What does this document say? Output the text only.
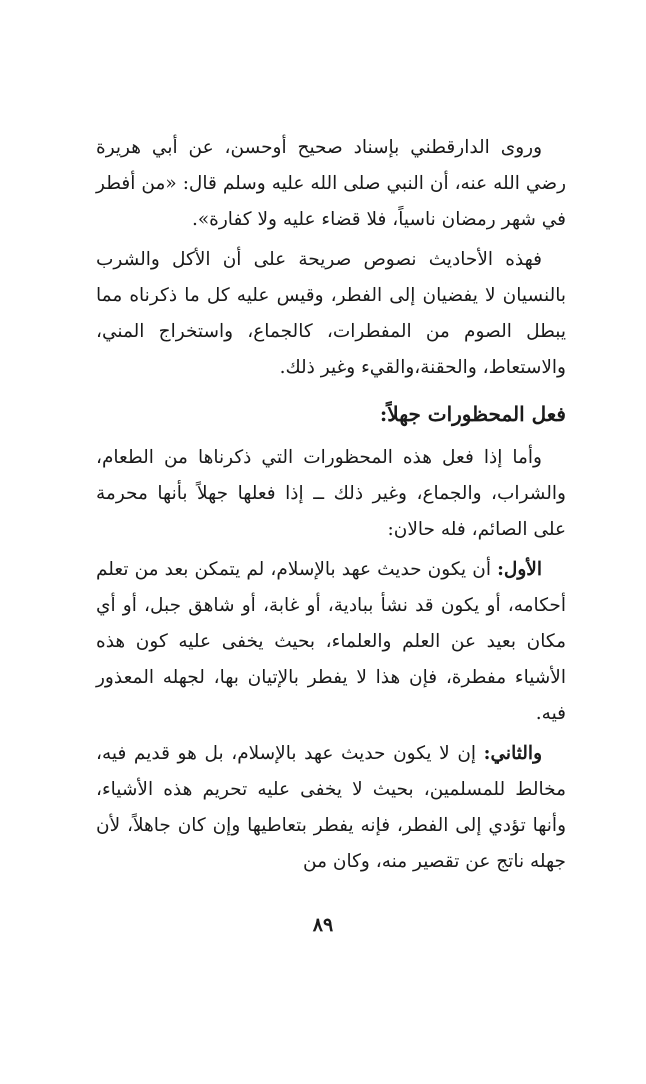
وروى الدارقطني بإسناد صحيح أوحسن، عن أبي هريرة رضي الله عنه، أن النبي صلى الله عليه وسلم قال: «من أفطر في شهر رمضان ناسياً، فلا قضاء عليه ولا كفارة».

فهذه الأحاديث نصوص صريحة على أن الأكل والشرب بالنسيان لا يفضيان إلى الفطر، وقيس عليه كل ما ذكرناه مما يبطل الصوم من المفطرات، كالجماع، واستخراج المني، والاستعاط، والحقنة،والقيء وغير ذلك.

فعل المحظورات جهلاً:

وأما إذا فعل هذه المحظورات التي ذكرناها من الطعام، والشراب، والجماع، وغير ذلك ــ إذا فعلها جهلاً بأنها محرمة على الصائم، فله حالان:

الأول: أن يكون حديث عهد بالإسلام، لم يتمكن بعد من تعلم أحكامه، أو يكون قد نشأ ببادية، أو غابة، أو شاهق جبل، أو أي مكان بعيد عن العلم والعلماء، بحيث يخفى عليه كون هذه الأشياء مفطرة، فإن هذا لا يفطر بالإتيان بها، لجهله المعذور فيه.

والثاني: إن لا يكون حديث عهد بالإسلام، بل هو قديم فيه، مخالط للمسلمين، بحيث لا يخفى عليه تحريم هذه الأشياء، وأنها تؤدي إلى الفطر، فإنه يفطر بتعاطيها وإن كان جاهلاً، لأن جهله ناتج عن تقصير منه، وكان من

٨٩
